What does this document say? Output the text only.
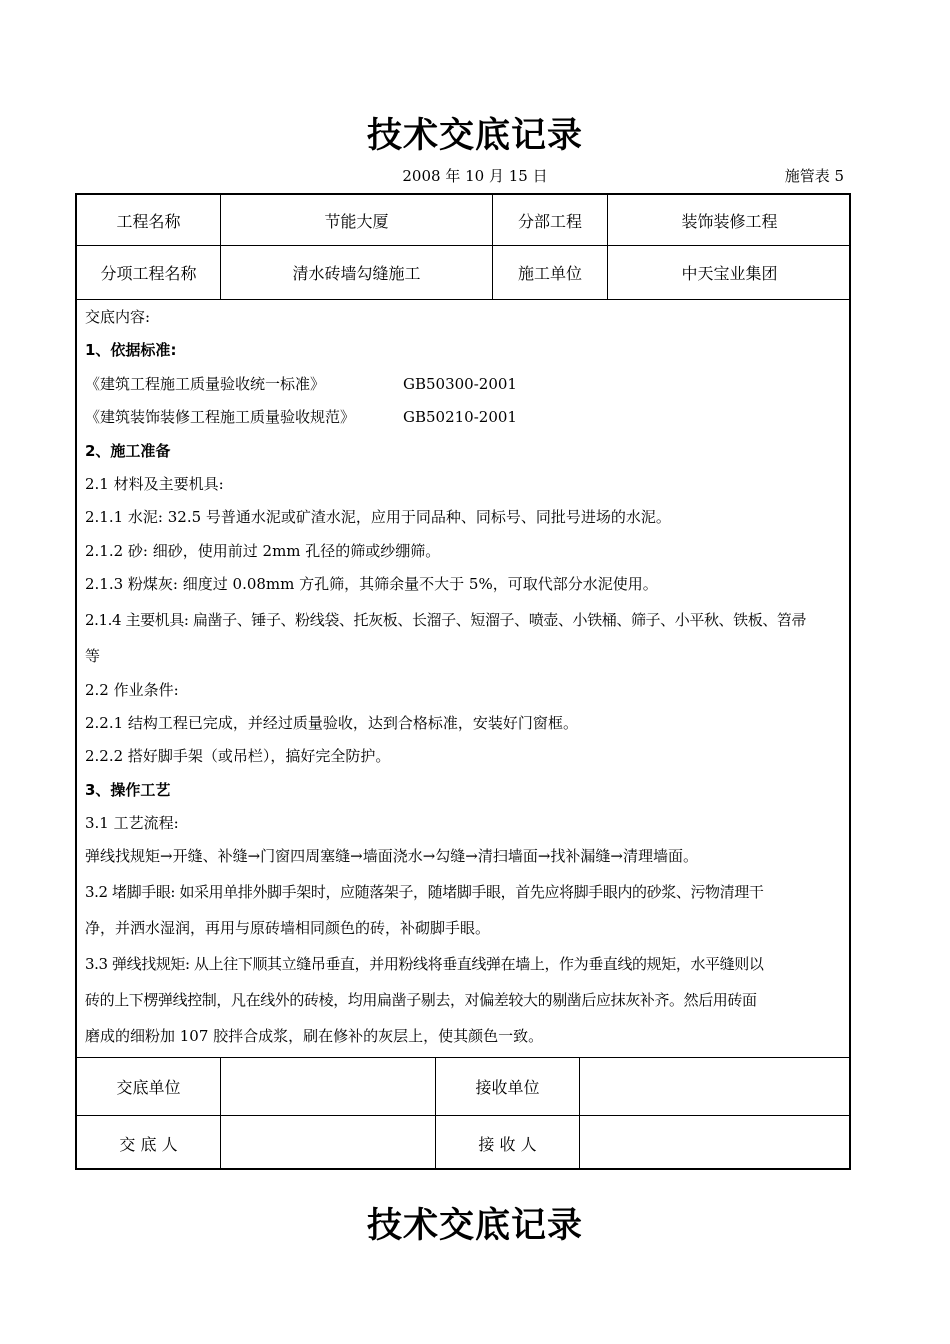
技术交底记录
2008 年 10 月 15 日	施管表 5
工程名称	节能大厦	分部工程	装饰装修工程
分项工程名称	清水砖墙勾缝施工	施工单位	中天宝业集团
交底内容:
1、依据标准:
《建筑工程施工质量验收统一标准》	GB50300-2001
《建筑装饰装修工程施工质量验收规范》	GB50210-2001
2、施工准备
2.1 材料及主要机具:
2.1.1 水泥: 32.5 号普通水泥或矿渣水泥，应用于同品种、同标号、同批号进场的水泥。
2.1.2 砂: 细砂，使用前过 2mm 孔径的筛或纱绷筛。
2.1.3 粉煤灰: 细度过 0.08mm 方孔筛，其筛余量不大于 5%，可取代部分水泥使用。
2.1.4 主要机具: 扁凿子、锤子、粉线袋、托灰板、长溜子、短溜子、喷壶、小铁桶、筛子、小平秋、铁板、笤帚
等
2.2 作业条件:
2.2.1 结构工程已完成，并经过质量验收，达到合格标准，安装好门窗框。
2.2.2 搭好脚手架（或吊栏），搞好完全防护。
3、操作工艺
3.1 工艺流程:
弹线找规矩→开缝、补缝→门窗四周塞缝→墙面浇水→勾缝→清扫墙面→找补漏缝→清理墙面。
3.2 堵脚手眼: 如采用单排外脚手架时，应随落架子，随堵脚手眼，首先应将脚手眼内的砂浆、污物清理干
净，并洒水湿润，再用与原砖墙相同颜色的砖，补砌脚手眼。
3.3 弹线找规矩: 从上往下顺其立缝吊垂直，并用粉线将垂直线弹在墙上，作为垂直线的规矩，水平缝则以
砖的上下楞弹线控制，凡在线外的砖棱，均用扁凿子剔去，对偏差较大的剔凿后应抹灰补齐。然后用砖面
磨成的细粉加 107 胶拌合成浆，刷在修补的灰层上，使其颜色一致。
交底单位	接收单位
交 底 人	接 收 人
技术交底记录
